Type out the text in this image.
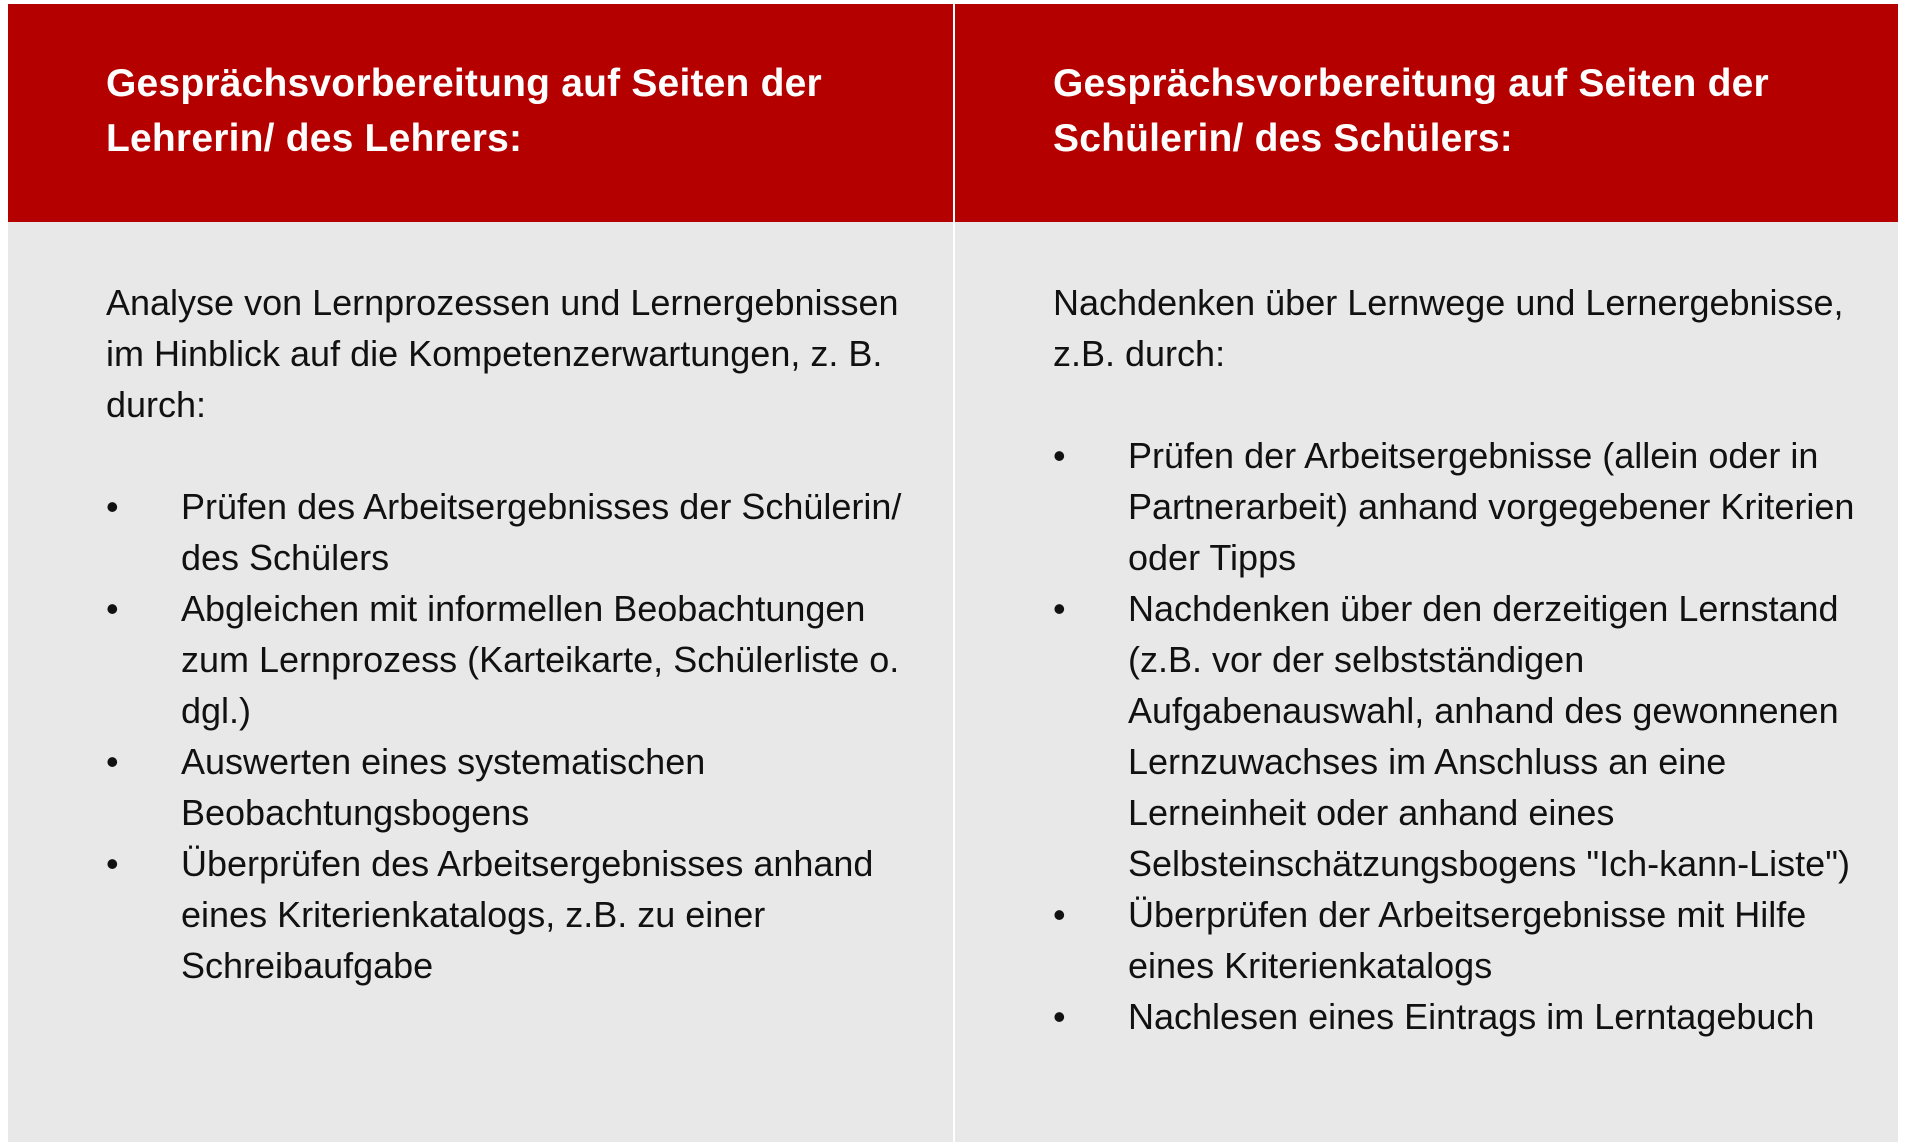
Gesprächsvorbereitung auf Seiten der
Lehrerin/ des Lehrers:

Gesprächsvorbereitung auf Seiten der
Schülerin/ des Schülers:

Analyse von Lernprozessen und Lernergebnissen im Hinblick auf die Kompetenzerwartungen, z. B. durch:

• Prüfen des Arbeitsergebnisses der Schülerin/ des Schülers
• Abgleichen mit informellen Beobachtungen zum Lernprozess (Karteikarte, Schülerliste o. dgl.)
• Auswerten eines systematischen Beobachtungsbogens
• Überprüfen des Arbeitsergebnisses anhand eines Kriterienkatalogs, z.B. zu einer Schreibaufgabe

Nachdenken über Lernwege und Lernergebnisse, z.B. durch:

• Prüfen der Arbeitsergebnisse (allein oder in Partnerarbeit) anhand vorgegebener Kriterien oder Tipps
• Nachdenken über den derzeitigen Lernstand (z.B. vor der selbstständigen Aufgabenauswahl, anhand des gewonnenen Lernzuwachses im Anschluss an eine Lerneinheit oder anhand eines Selbsteinschätzungsbogens "Ich-kann-Liste")
• Überprüfen der Arbeitsergebnisse mit Hilfe eines Kriterienkatalogs
• Nachlesen eines Eintrags im Lerntagebuch
